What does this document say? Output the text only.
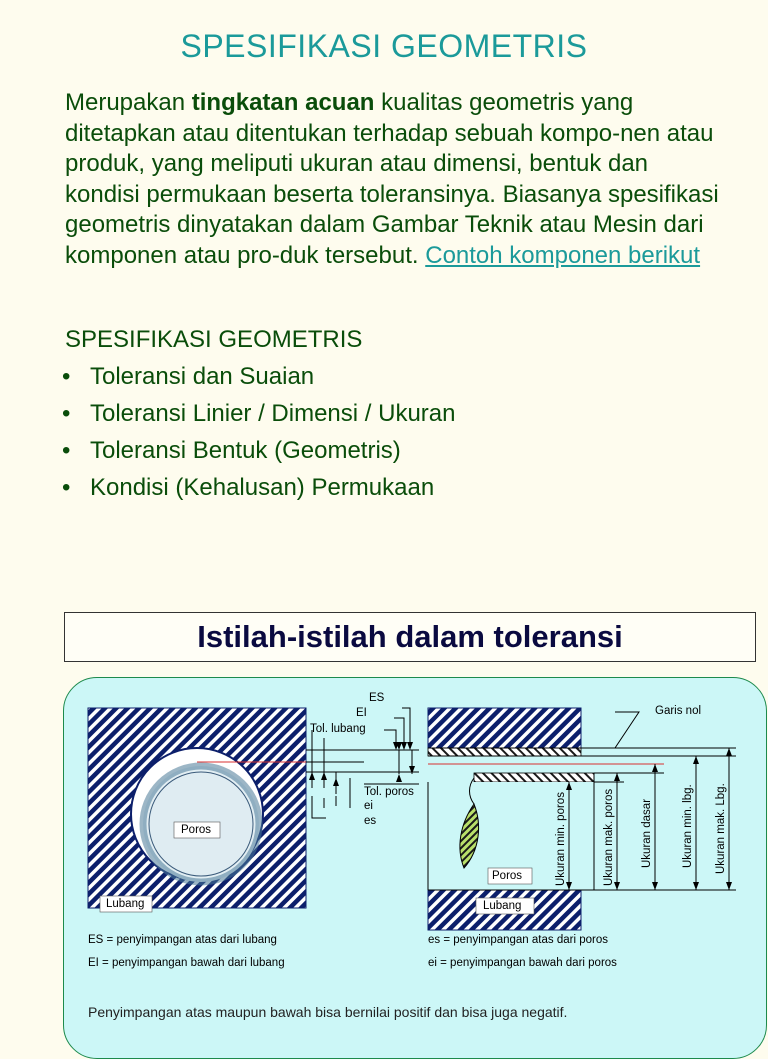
SPESIFIKASI GEOMETRIS
Merupakan tingkatan acuan kualitas geometris yang ditetapkan atau ditentukan terhadap sebuah kompo-nen atau produk, yang meliputi ukuran atau dimensi, bentuk dan kondisi permukaan beserta toleransinya. Biasanya spesifikasi geometris dinyatakan dalam Gambar Teknik atau Mesin dari komponen atau pro-duk tersebut. Contoh komponen berikut
SPESIFIKASI GEOMETRIS
• Toleransi dan Suaian
• Toleransi Linier / Dimensi / Ukuran
• Toleransi Bentuk (Geometris)
• Kondisi (Kehalusan) Permukaan
Istilah-istilah dalam toleransi
Ukuran min. poros	Ukuran mak. poros Ukuran dasar	Ukuran min. lbg. Ukuran mak. Lbg.
ES
EI
Tol. lubang
Tol. poros
ei
es
Garis nol
Poros
Poros
Lubang	Lubang
ES = penyimpangan atas dari lubang
EI = penyimpangan bawah dari lubang
es = penyimpangan atas dari poros
ei = penyimpangan bawah dari poros
Penyimpangan atas maupun bawah bisa bernilai positif dan bisa juga negatif.
